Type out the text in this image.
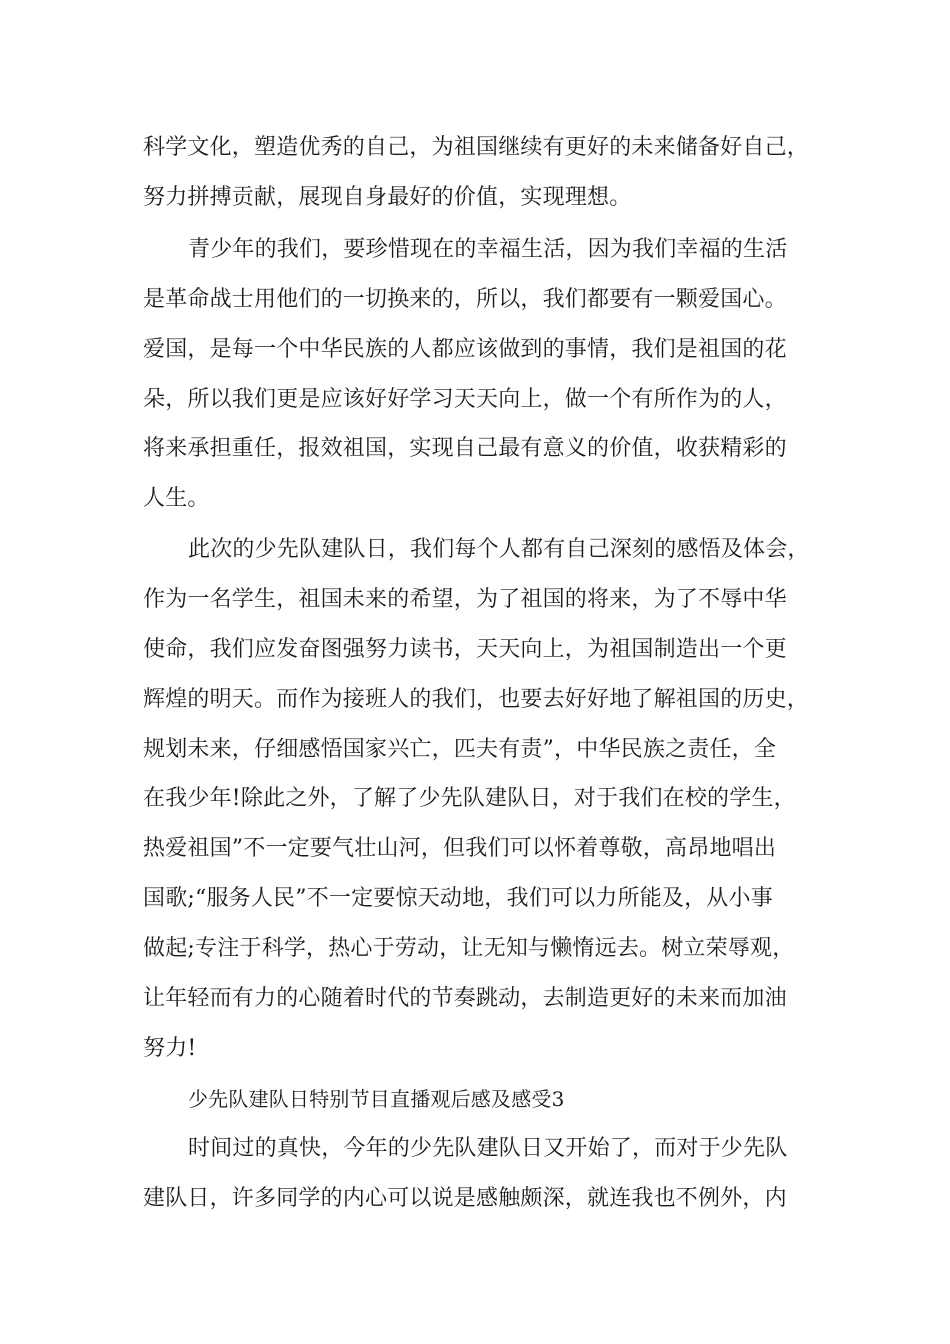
科学文化，塑造优秀的自己，为祖国继续有更好的未来储备好自己，
努力拼搏贡献，展现自身最好的价值，实现理想。
青少年的我们，要珍惜现在的幸福生活，因为我们幸福的生活
是革命战士用他们的一切换来的，所以，我们都要有一颗爱国心。
爱国，是每一个中华民族的人都应该做到的事情，我们是祖国的花
朵，所以我们更是应该好好学习天天向上，做一个有所作为的人，
将来承担重任，报效祖国，实现自己最有意义的价值，收获精彩的
人生。
此次的少先队建队日，我们每个人都有自己深刻的感悟及体会，
作为一名学生，祖国未来的希望，为了祖国的将来，为了不辱中华
使命，我们应发奋图强努力读书，天天向上，为祖国制造出一个更
辉煌的明天。而作为接班人的我们，也要去好好地了解祖国的历史，
规划未来，仔细感悟国家兴亡，匹夫有责”，中华民族之责任，全
在我少年!除此之外，了解了少先队建队日，对于我们在校的学生，
热爱祖国”不一定要气壮山河，但我们可以怀着尊敬，高昂地唱出
国歌;“服务人民”不一定要惊天动地，我们可以力所能及，从小事
做起;专注于科学，热心于劳动，让无知与懒惰远去。树立荣辱观，
让年轻而有力的心随着时代的节奏跳动，去制造更好的未来而加油
努力!
少先队建队日特别节目直播观后感及感受3
时间过的真快，今年的少先队建队日又开始了，而对于少先队
建队日，许多同学的内心可以说是感触颇深，就连我也不例外，内
